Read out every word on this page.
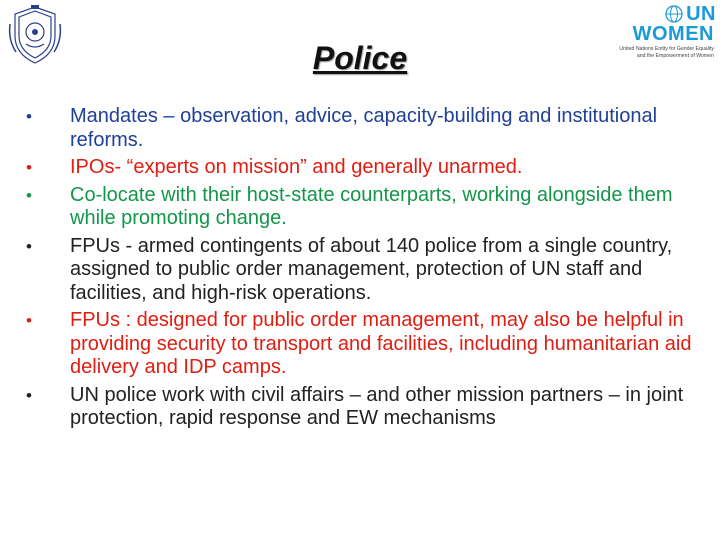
UN
WOMEN
United Nations Entity for Gender Equality
and the Empowerment of Women
Police
•	Mandates – observation, advice, capacity-building and institutional reforms.
•	IPOs- “experts on mission” and generally unarmed.
•	Co-locate with their host-state counterparts, working alongside them while promoting change.
•	FPUs - armed contingents of about 140 police from a single country, assigned to public order management, protection of UN staff and facilities, and high-risk operations.
•	FPUs : designed for public order management, may also be helpful in providing security to transport and facilities, including humanitarian aid delivery and IDP camps.
•	UN police work with civil affairs – and other mission partners – in joint protection, rapid response and EW mechanisms
